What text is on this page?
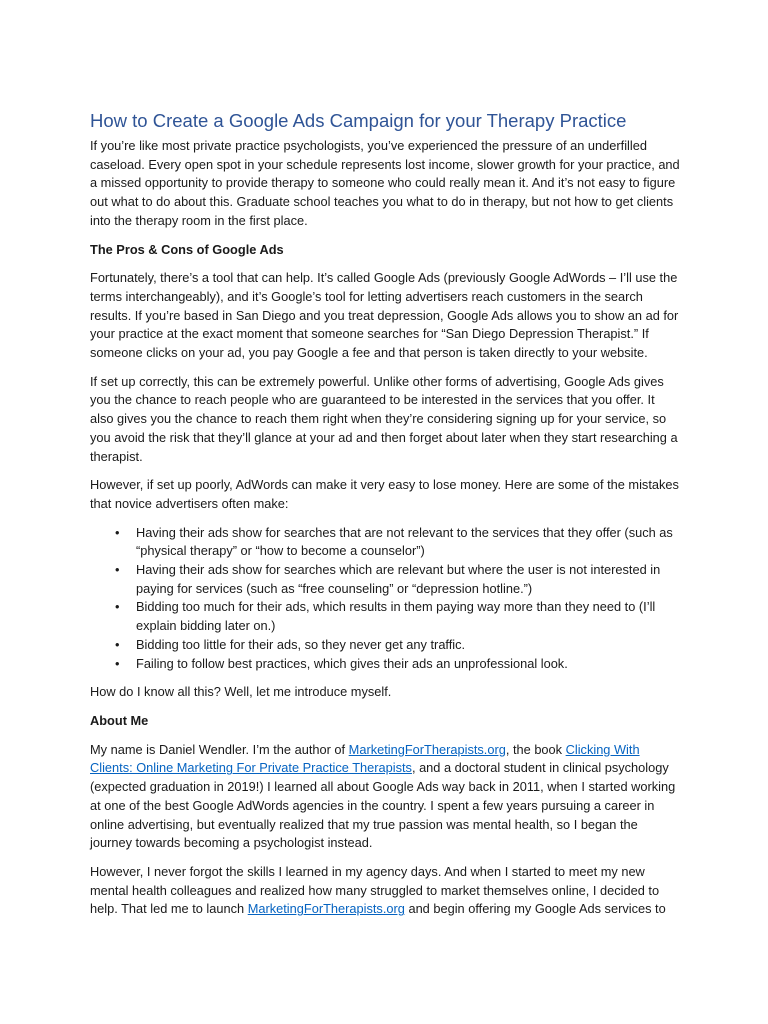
How to Create a Google Ads Campaign for your Therapy Practice

If you’re like most private practice psychologists, you’ve experienced the pressure of an underfilled caseload. Every open spot in your schedule represents lost income, slower growth for your practice, and a missed opportunity to provide therapy to someone who could really mean it. And it’s not easy to figure out what to do about this. Graduate school teaches you what to do in therapy, but not how to get clients into the therapy room in the first place.

The Pros & Cons of Google Ads

Fortunately, there’s a tool that can help. It’s called Google Ads (previously Google AdWords – I’ll use the terms interchangeably), and it’s Google’s tool for letting advertisers reach customers in the search results. If you’re based in San Diego and you treat depression, Google Ads allows you to show an ad for your practice at the exact moment that someone searches for “San Diego Depression Therapist.” If someone clicks on your ad, you pay Google a fee and that person is taken directly to your website.

If set up correctly, this can be extremely powerful. Unlike other forms of advertising, Google Ads gives you the chance to reach people who are guaranteed to be interested in the services that you offer. It also gives you the chance to reach them right when they’re considering signing up for your service, so you avoid the risk that they’ll glance at your ad and then forget about later when they start researching a therapist.

However, if set up poorly, AdWords can make it very easy to lose money. Here are some of the mistakes that novice advertisers often make:

• Having their ads show for searches that are not relevant to the services that they offer (such as “physical therapy” or “how to become a counselor”)
• Having their ads show for searches which are relevant but where the user is not interested in paying for services (such as “free counseling” or “depression hotline.”)
• Bidding too much for their ads, which results in them paying way more than they need to (I’ll explain bidding later on.)
• Bidding too little for their ads, so they never get any traffic.
• Failing to follow best practices, which gives their ads an unprofessional look.

How do I know all this? Well, let me introduce myself.

About Me

My name is Daniel Wendler. I’m the author of MarketingForTherapists.org, the book Clicking With Clients: Online Marketing For Private Practice Therapists, and a doctoral student in clinical psychology (expected graduation in 2019!) I learned all about Google Ads way back in 2011, when I started working at one of the best Google AdWords agencies in the country. I spent a few years pursuing a career in online advertising, but eventually realized that my true passion was mental health, so I began the journey towards becoming a psychologist instead.

However, I never forgot the skills I learned in my agency days. And when I started to meet my new mental health colleagues and realized how many struggled to market themselves online, I decided to help. That led me to launch MarketingForTherapists.org and begin offering my Google Ads services to
